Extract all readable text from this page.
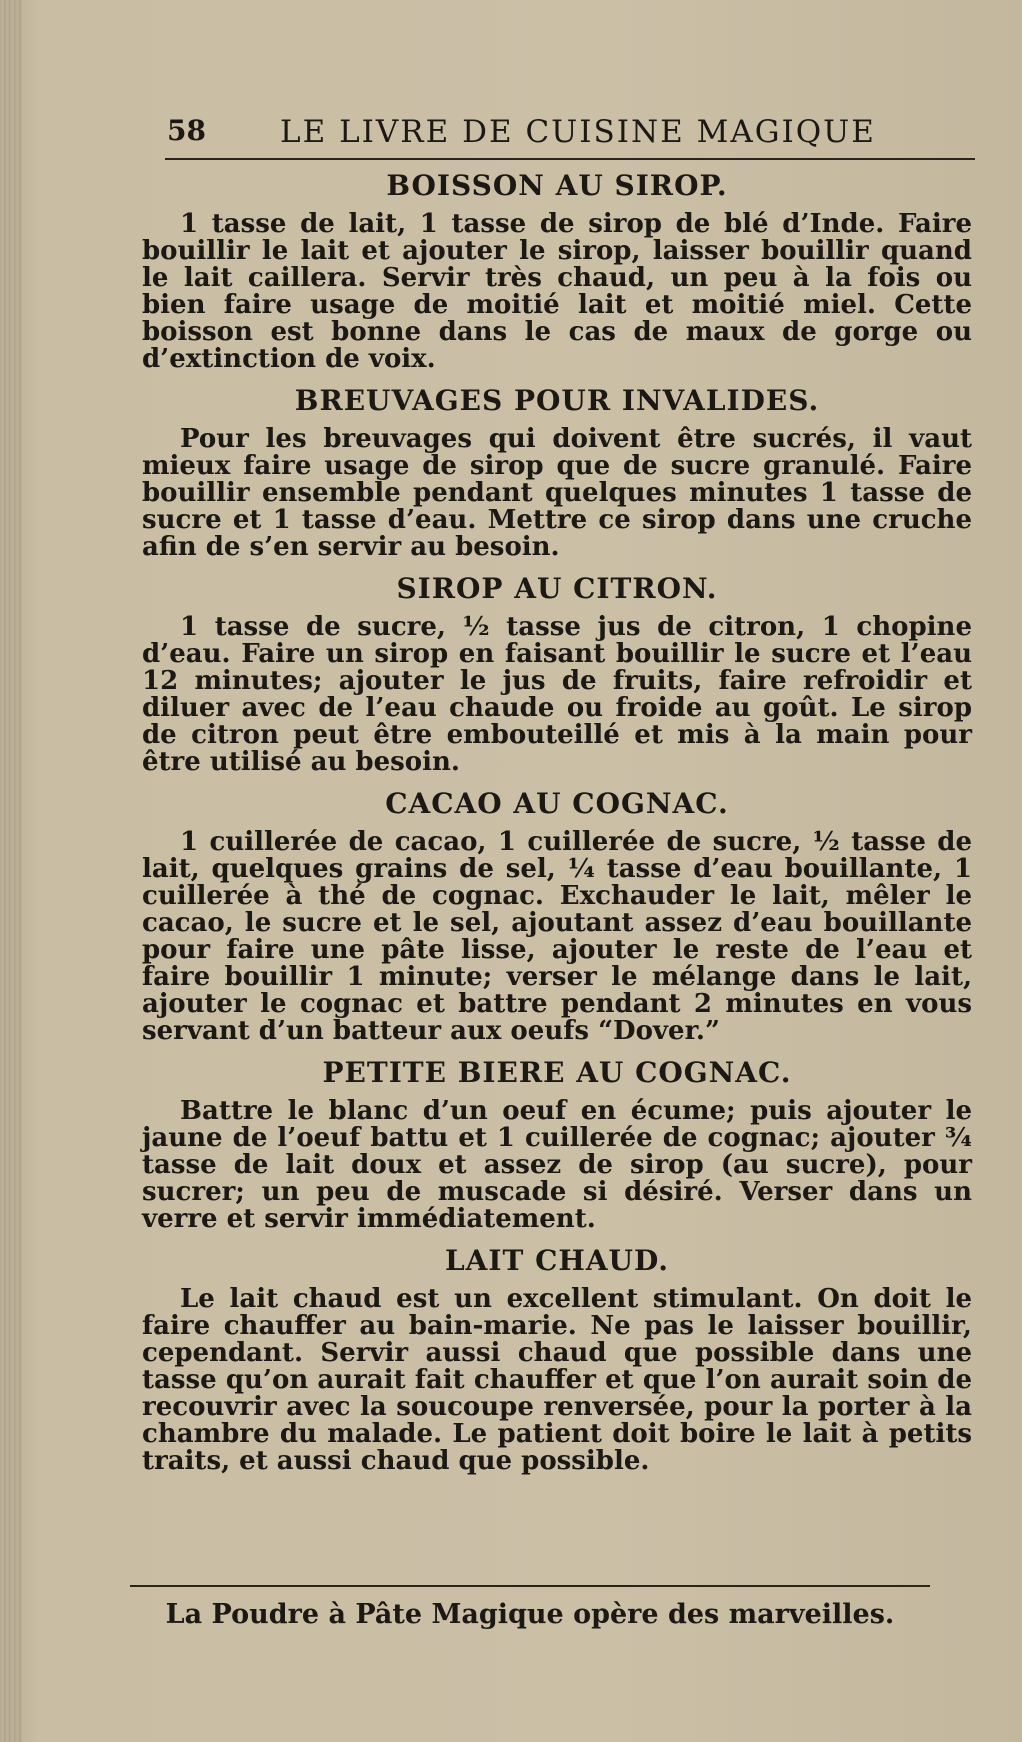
58 LE LIVRE DE CUISINE MAGIQUE
BOISSON AU SIROP.

1 tasse de lait, 1 tasse de sirop de blé d’Inde. Faire bouillir le lait et ajouter le sirop, laisser bouillir quand le lait caillera. Servir très chaud, un peu à la fois ou bien faire usage de moitié lait et moitié miel. Cette boisson est bonne dans le cas de maux de gorge ou d’extinction de voix.

BREUVAGES POUR INVALIDES.

Pour les breuvages qui doivent être sucrés, il vaut mieux faire usage de sirop que de sucre granulé. Faire bouillir ensemble pendant quelques minutes 1 tasse de sucre et 1 tasse d’eau. Mettre ce sirop dans une cruche afin de s’en servir au besoin.

SIROP AU CITRON.

1 tasse de sucre, ½ tasse jus de citron, 1 chopine d’eau. Faire un sirop en faisant bouillir le sucre et l’eau 12 minutes; ajouter le jus de fruits, faire refroidir et diluer avec de l’eau chaude ou froide au goût. Le sirop de citron peut être embouteillé et mis à la main pour être utilisé au besoin.

CACAO AU COGNAC.

1 cuillerée de cacao, 1 cuillerée de sucre, ½ tasse de lait, quelques grains de sel, ¼ tasse d’eau bouillante, 1 cuillerée à thé de cognac. Exchauder le lait, mêler le cacao, le sucre et le sel, ajoutant assez d’eau bouillante pour faire une pâte lisse, ajouter le reste de l’eau et faire bouillir 1 minute; verser le mélange dans le lait, ajouter le cognac et battre pendant 2 minutes en vous servant d’un batteur aux oeufs “Dover.”

PETITE BIERE AU COGNAC.

Battre le blanc d’un oeuf en écume; puis ajouter le jaune de l’oeuf battu et 1 cuillerée de cognac; ajouter ¾ tasse de lait doux et assez de sirop (au sucre), pour sucrer; un peu de muscade si désiré. Verser dans un verre et servir immédiatement.

LAIT CHAUD.

Le lait chaud est un excellent stimulant. On doit le faire chauffer au bain-marie. Ne pas le laisser bouillir, cependant. Servir aussi chaud que possible dans une tasse qu’on aurait fait chauffer et que l’on aurait soin de recouvrir avec la soucoupe renversée, pour la porter à la chambre du malade. Le patient doit boire le lait à petits traits, et aussi chaud que possible.

La Poudre à Pâte Magique opère des marveilles.
